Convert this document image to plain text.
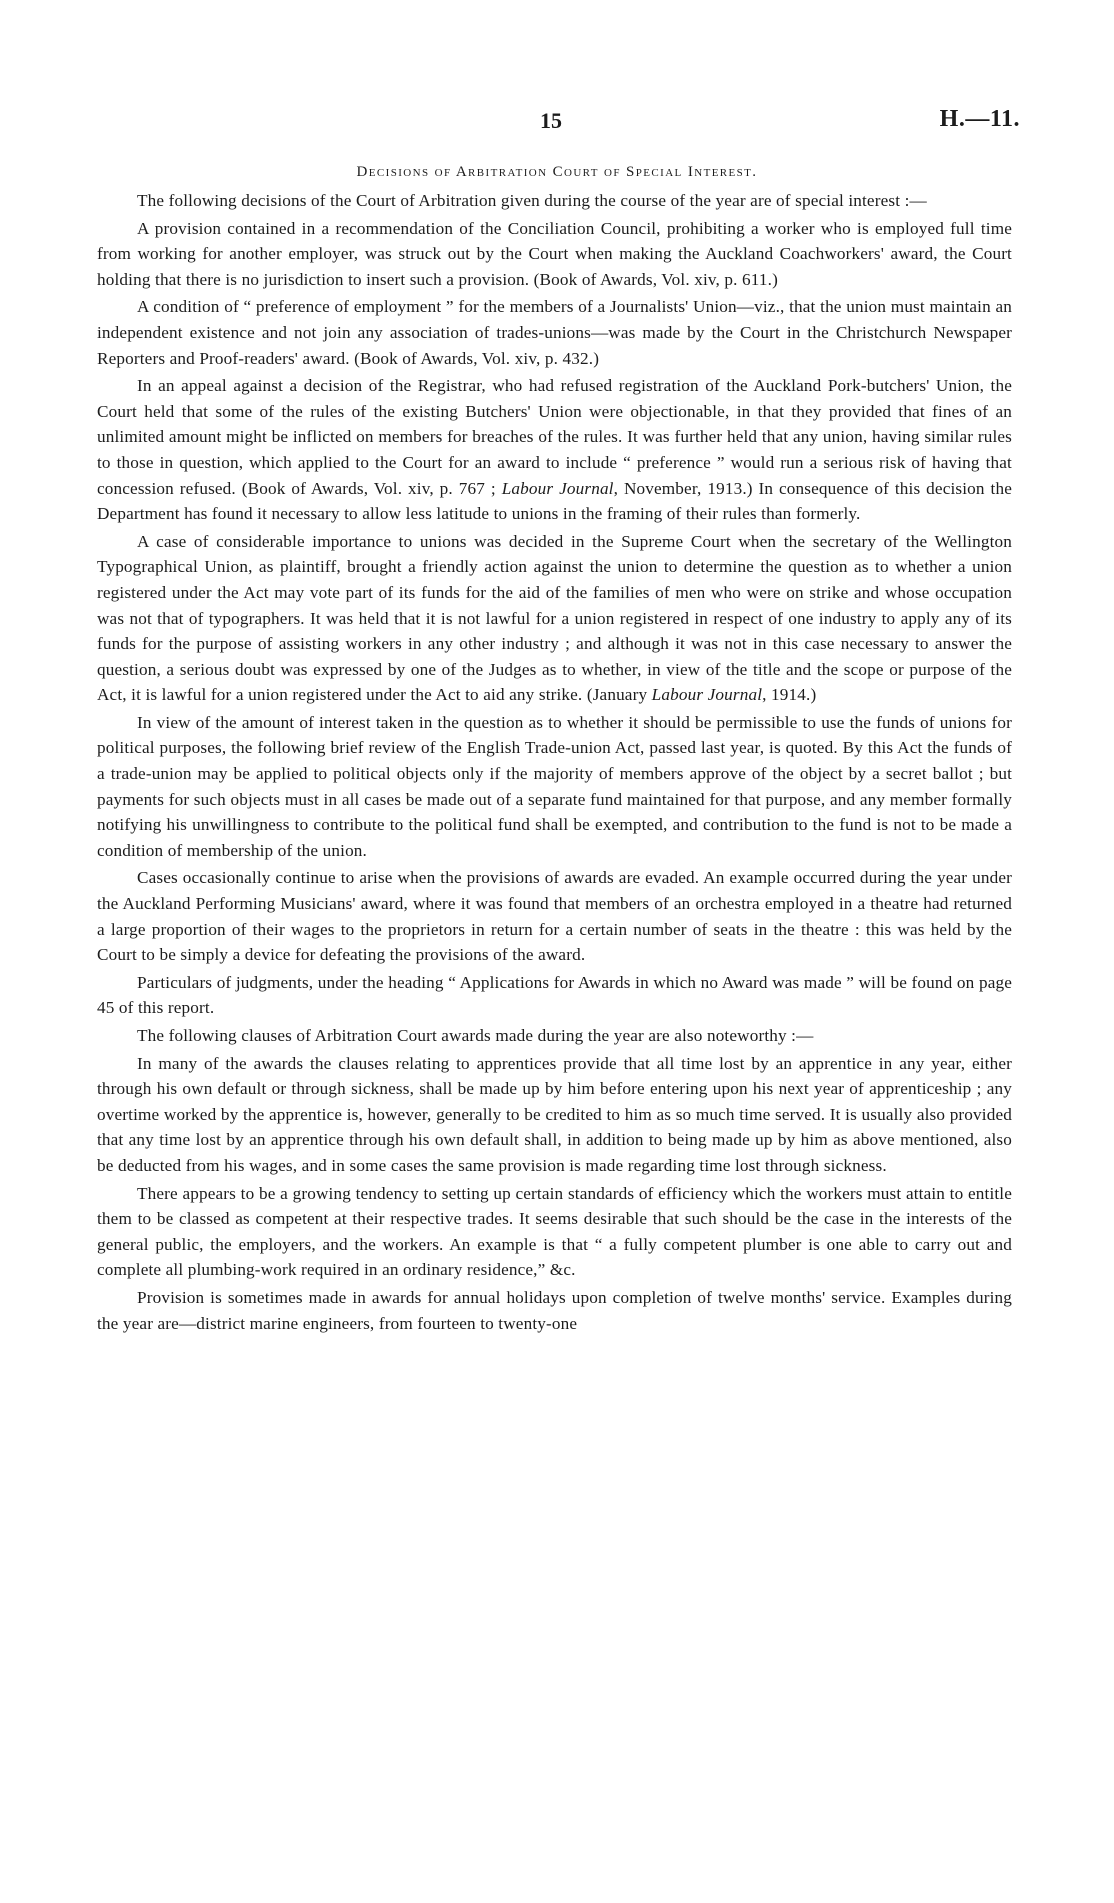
15	H.—11.
Decisions of Arbitration Court of Special Interest.

The following decisions of the Court of Arbitration given during the course of the year are of special interest :—

A provision contained in a recommendation of the Conciliation Council, prohibiting a worker who is employed full time from working for another employer, was struck out by the Court when making the Auckland Coachworkers' award, the Court holding that there is no jurisdiction to insert such a provision. (Book of Awards, Vol. xiv, p. 611.)

A condition of “ preference of employment ” for the members of a Journalists' Union—viz., that the union must maintain an independent existence and not join any association of trades-unions—was made by the Court in the Christchurch Newspaper Reporters and Proof-readers' award. (Book of Awards, Vol. xiv, p. 432.)

In an appeal against a decision of the Registrar, who had refused registration of the Auckland Pork-butchers' Union, the Court held that some of the rules of the existing Butchers' Union were objectionable, in that they provided that fines of an unlimited amount might be inflicted on members for breaches of the rules. It was further held that any union, having similar rules to those in question, which applied to the Court for an award to include “ preference ” would run a serious risk of having that concession refused. (Book of Awards, Vol. xiv, p. 767 ; Labour Journal, November, 1913.) In consequence of this decision the Department has found it necessary to allow less latitude to unions in the framing of their rules than formerly.

A case of considerable importance to unions was decided in the Supreme Court when the secretary of the Wellington Typographical Union, as plaintiff, brought a friendly action against the union to determine the question as to whether a union registered under the Act may vote part of its funds for the aid of the families of men who were on strike and whose occupation was not that of typographers. It was held that it is not lawful for a union registered in respect of one industry to apply any of its funds for the purpose of assisting workers in any other industry ; and although it was not in this case necessary to answer the question, a serious doubt was expressed by one of the Judges as to whether, in view of the title and the scope or purpose of the Act, it is lawful for a union registered under the Act to aid any strike. (January Labour Journal, 1914.)

In view of the amount of interest taken in the question as to whether it should be permissible to use the funds of unions for political purposes, the following brief review of the English Trade-union Act, passed last year, is quoted. By this Act the funds of a trade-union may be applied to political objects only if the majority of members approve of the object by a secret ballot ; but payments for such objects must in all cases be made out of a separate fund maintained for that purpose, and any member formally notifying his unwillingness to contribute to the political fund shall be exempted, and contribution to the fund is not to be made a condition of membership of the union.

Cases occasionally continue to arise when the provisions of awards are evaded. An example occurred during the year under the Auckland Performing Musicians' award, where it was found that members of an orchestra employed in a theatre had returned a large proportion of their wages to the proprietors in return for a certain number of seats in the theatre : this was held by the Court to be simply a device for defeating the provisions of the award.

Particulars of judgments, under the heading “ Applications for Awards in which no Award was made ” will be found on page 45 of this report.

The following clauses of Arbitration Court awards made during the year are also noteworthy :—

In many of the awards the clauses relating to apprentices provide that all time lost by an apprentice in any year, either through his own default or through sickness, shall be made up by him before entering upon his next year of apprenticeship ; any overtime worked by the apprentice is, however, generally to be credited to him as so much time served. It is usually also provided that any time lost by an apprentice through his own default shall, in addition to being made up by him as above mentioned, also be deducted from his wages, and in some cases the same provision is made regarding time lost through sickness.

There appears to be a growing tendency to setting up certain standards of efficiency which the workers must attain to entitle them to be classed as competent at their respective trades. It seems desirable that such should be the case in the interests of the general public, the employers, and the workers. An example is that “ a fully competent plumber is one able to carry out and complete all plumbing-work required in an ordinary residence,” &c.

Provision is sometimes made in awards for annual holidays upon completion of twelve months' service. Examples during the year are—district marine engineers, from fourteen to twenty-one
